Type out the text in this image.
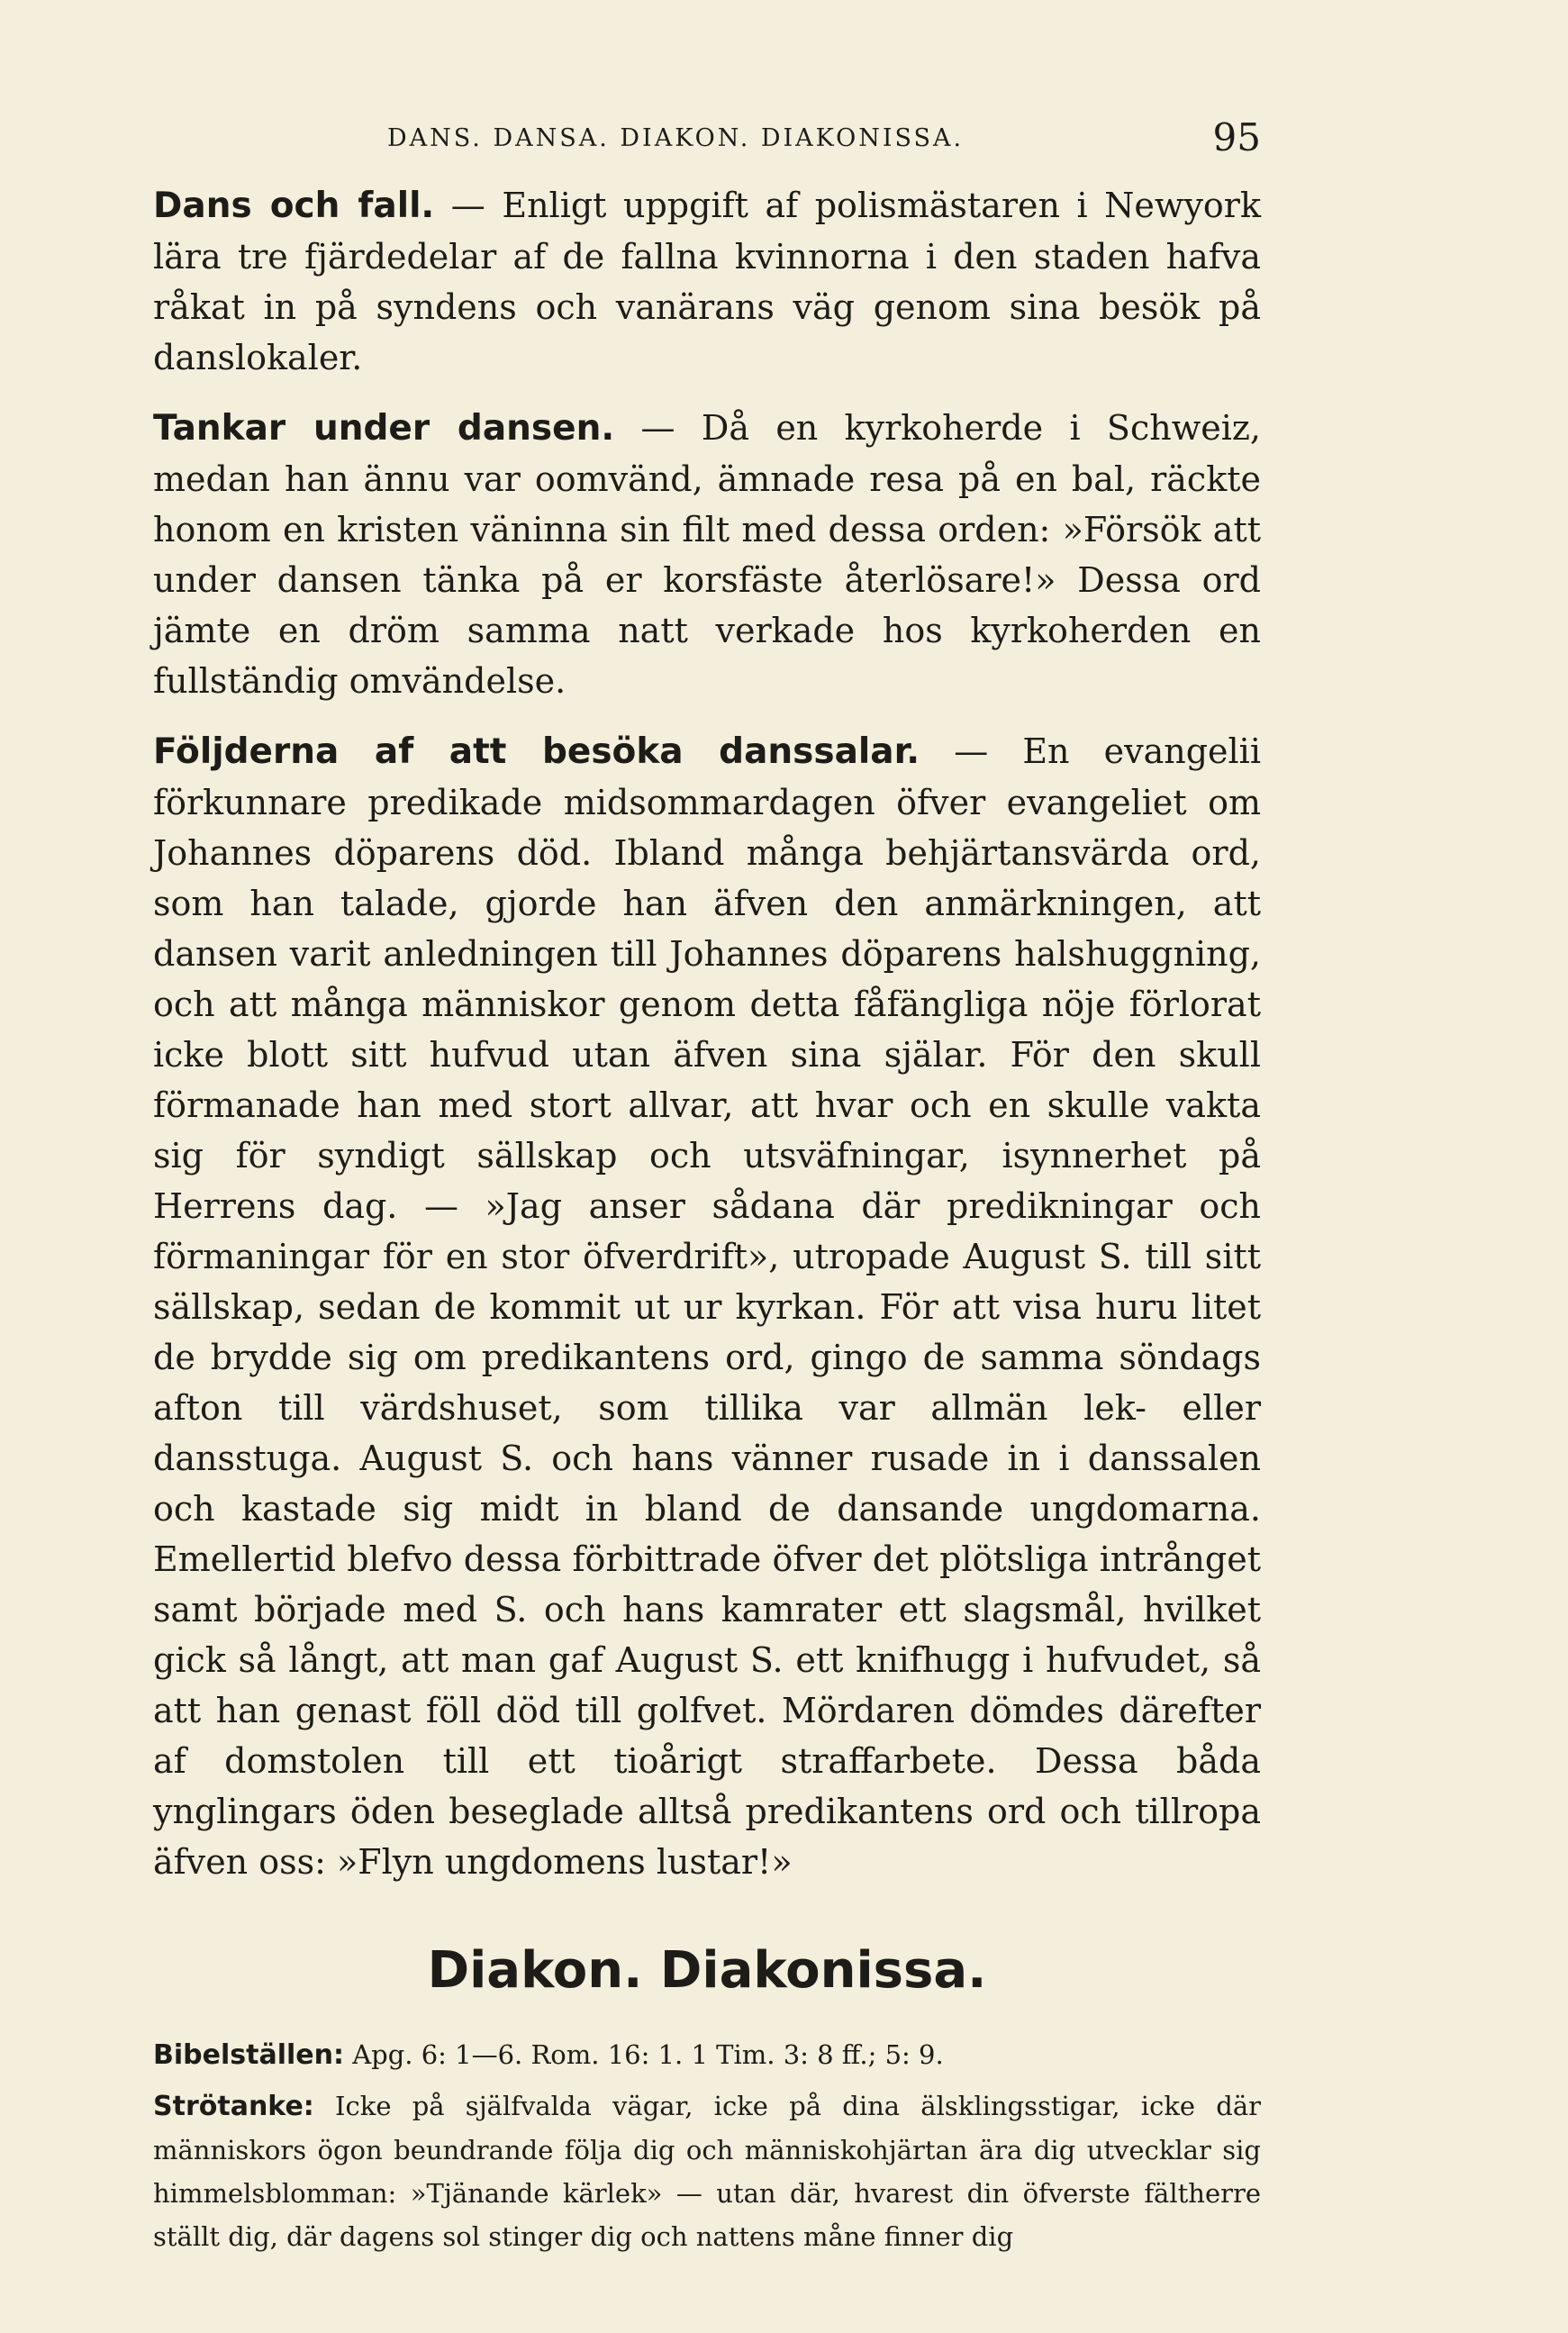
DANS. DANSA. DIAKON. DIAKONISSA.	95

Dans och fall. — Enligt uppgift af polismästaren i Newyork lära tre fjärdedelar af de fallna kvinnorna i den staden hafva råkat in på syndens och vanärans väg genom sina besök på danslokaler.

Tankar under dansen. — Då en kyrkoherde i Schweiz, medan han ännu var oomvänd, ämnade resa på en bal, räckte honom en kristen väninna sin filt med dessa orden: »Försök att under dansen tänka på er korsfäste återlösare!» Dessa ord jämte en dröm samma natt verkade hos kyrkoherden en fullständig omvändelse.

Följderna af att besöka danssalar. — En evangelii förkunnare predikade midsommardagen öfver evangeliet om Johannes döparens död. Ibland många behjärtansvärda ord, som han talade, gjorde han äfven den anmärkningen, att dansen varit anledningen till Johannes döparens halshuggning, och att många människor genom detta fåfängliga nöje förlorat icke blott sitt hufvud utan äfven sina själar. För den skull förmanade han med stort allvar, att hvar och en skulle vakta sig för syndigt sällskap och utsväfningar, isynnerhet på Herrens dag. — »Jag anser sådana där predikningar och förmaningar för en stor öfverdrift», utropade August S. till sitt sällskap, sedan de kommit ut ur kyrkan. För att visa huru litet de brydde sig om predikantens ord, gingo de samma söndags afton till värdshuset, som tillika var allmän lek- eller dansstuga. August S. och hans vänner rusade in i danssalen och kastade sig midt in bland de dansande ungdomarna. Emellertid blefvo dessa förbittrade öfver det plötsliga intrånget samt började med S. och hans kamrater ett slagsmål, hvilket gick så långt, att man gaf August S. ett knifhugg i hufvudet, så att han genast föll död till golfvet. Mördaren dömdes därefter af domstolen till ett tioårigt straffarbete. Dessa båda ynglingars öden beseglade alltså predikantens ord och tillropa äfven oss: »Flyn ungdomens lustar!»

Diakon. Diakonissa.

Bibelställen: Apg. 6: 1—6. Rom. 16: 1. 1 Tim. 3: 8 ff.; 5: 9.

Strötanke: Icke på själfvalda vägar, icke på dina älsklingsstigar, icke där människors ögon beundrande följa dig och människohjärtan ära dig utvecklar sig himmelsblomman: »Tjänande kärlek» — utan där, hvarest din öfverste fältherre ställt dig, där dagens sol stinger dig och nattens måne finner dig
